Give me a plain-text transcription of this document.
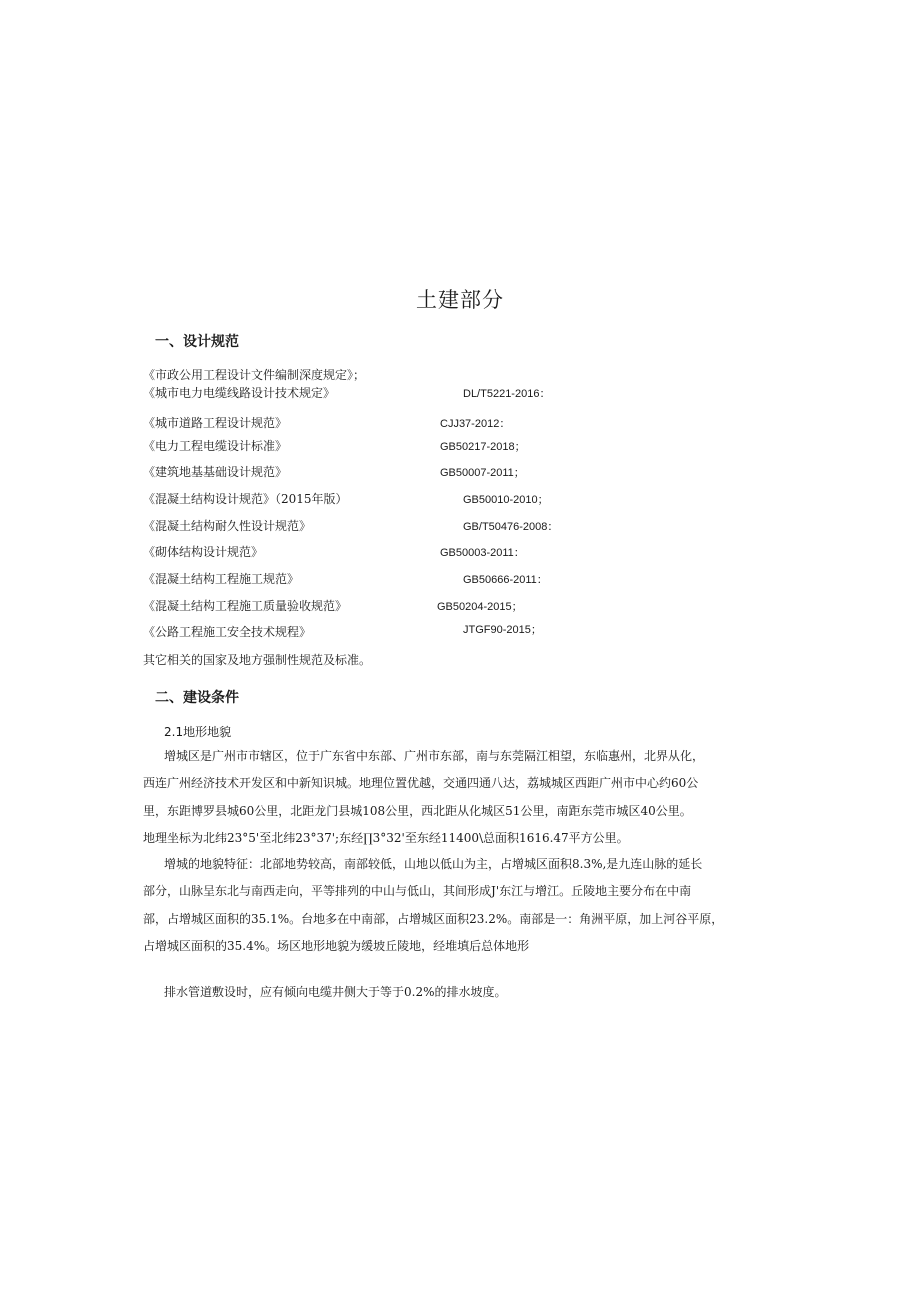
土建部分
一、设计规范
《市政公用工程设计文件编制深度规定》；
《城市电力电缆线路设计技术规定》	DL/T5221-2016：
《城市道路工程设计规范》	CJJ37-2012：
《电力工程电缆设计标准》	GB50217-2018；
《建筑地基基础设计规范》	GB50007-2011；
《混凝土结构设计规范》（2015年版）	GB50010-2010；
《混凝土结构耐久性设计规范》	GB/T50476-2008：
《砌体结构设计规范》	GB50003-2011：
《混凝土结构工程施工规范》	GB50666-2011：
《混凝土结构工程施工质量验收规范》	GB50204-2015；
《公路工程施工安全技术规程》	JTGF90-2015；
其它相关的国家及地方强制性规范及标准。
二、建设条件
2.1地形地貌
增城区是广州市市辖区，位于广东省中东部、广州市东部，南与东莞隔江相望，东临惠州，北界从化，
西连广州经济技术开发区和中新知识城。地理位置优越，交通四通八达，荔城城区西距广州市中心约60公
里，东距博罗县城60公里，北距龙门县城108公里，西北距从化城区51公里，南距东莞市城区40公里。
地理坐标为北纬23°5'至北纬23°37';东经∏3°32'至东经11400\总面积1616.47平方公里。
增城的地貌特征：北部地势较高，南部较低，山地以低山为主，占增城区面积8.3%,是九连山脉的延长
部分，山脉呈东北与南西走向，平等排列的中山与低山，其间形成J'东江与增江。丘陵地主要分布在中南
部，占增城区面积的35.1%。台地多在中南部，占增城区面积23.2%。南部是一：角洲平原，加上河谷平原，
占增城区面积的35.4%。场区地形地貌为缓坡丘陵地，经堆填后总体地形
排水管道敷设时，应有倾向电缆井侧大于等于0.2%的排水坡度。
